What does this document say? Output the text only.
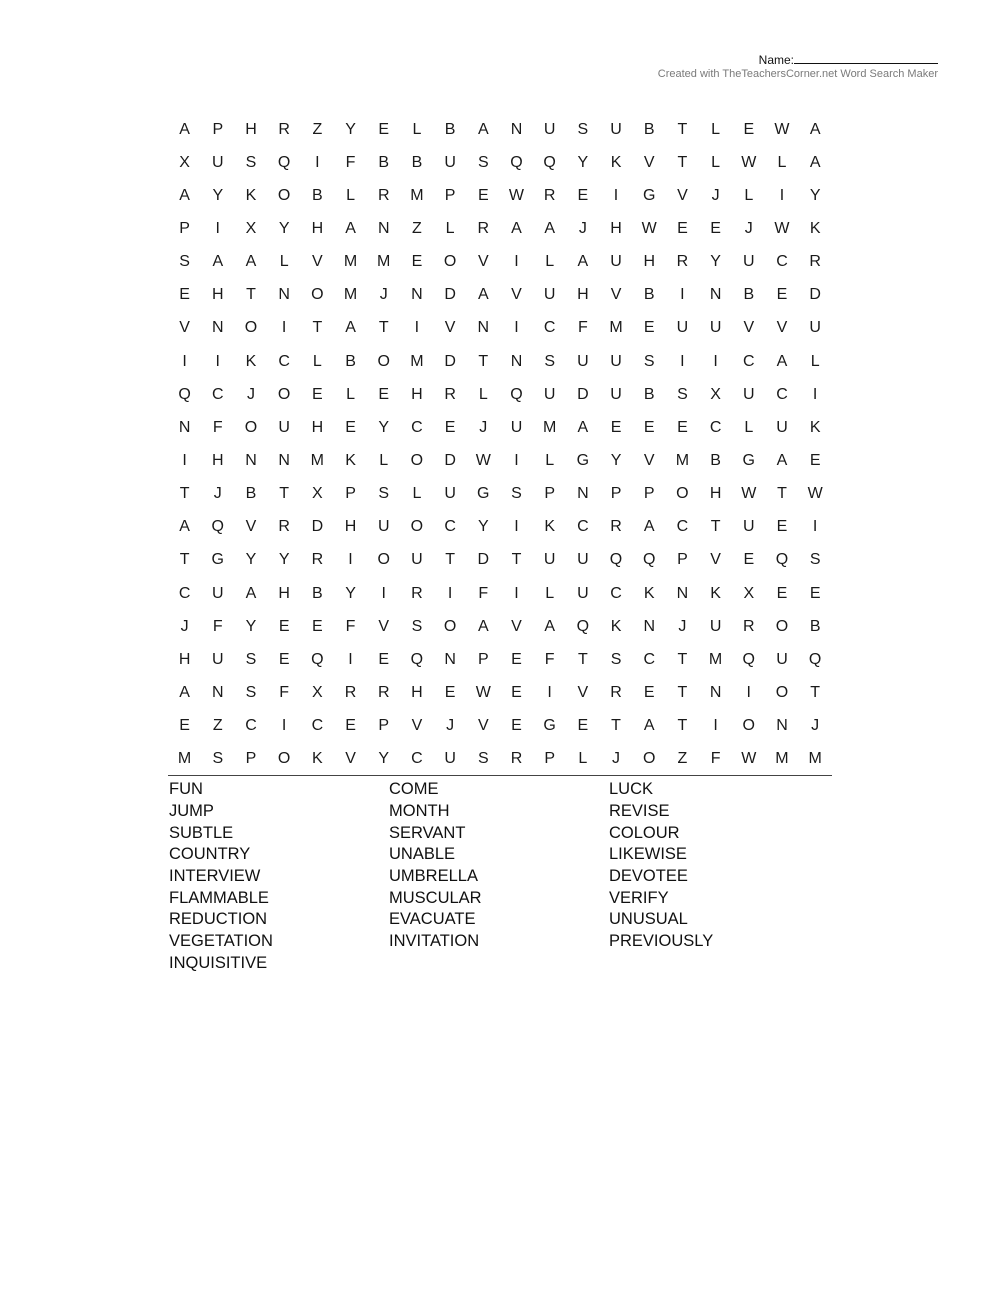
Name:
Created with TheTeachersCorner.net Word Search Maker
A	P	H	R	Z	Y	E	L	B	A	N	U	S	U	B	T	L	E	W	A
X	U	S	Q	I	F	B	B	U	S	Q	Q	Y	K	V	T	L	W	L	A
A	Y	K	O	B	L	R	M	P	E	W	R	E	I	G	V	J	L	I	Y
P	I	X	Y	H	A	N	Z	L	R	A	A	J	H	W	E	E	J	W	K
S	A	A	L	V	M	M	E	O	V	I	L	A	U	H	R	Y	U	C	R
E	H	T	N	O	M	J	N	D	A	V	U	H	V	B	I	N	B	E	D
V	N	O	I	T	A	T	I	V	N	I	C	F	M	E	U	U	V	V	U
I	I	K	C	L	B	O	M	D	T	N	S	U	U	S	I	I	C	A	L
Q	C	J	O	E	L	E	H	R	L	Q	U	D	U	B	S	X	U	C	I
N	F	O	U	H	E	Y	C	E	J	U	M	A	E	E	E	C	L	U	K
I	H	N	N	M	K	L	O	D	W	I	L	G	Y	V	M	B	G	A	E
T	J	B	T	X	P	S	L	U	G	S	P	N	P	P	O	H	W	T	W
A	Q	V	R	D	H	U	O	C	Y	I	K	C	R	A	C	T	U	E	I
T	G	Y	Y	R	I	O	U	T	D	T	U	U	Q	Q	P	V	E	Q	S
C	U	A	H	B	Y	I	R	I	F	I	L	U	C	K	N	K	X	E	E
J	F	Y	E	E	F	V	S	O	A	V	A	Q	K	N	J	U	R	O	B
H	U	S	E	Q	I	E	Q	N	P	E	F	T	S	C	T	M	Q	U	Q
A	N	S	F	X	R	R	H	E	W	E	I	V	R	E	T	N	I	O	T
E	Z	C	I	C	E	P	V	J	V	E	G	E	T	A	T	I	O	N	J
M	S	P	O	K	V	Y	C	U	S	R	P	L	J	O	Z	F	W	M	M
FUN	COME	LUCK
JUMP	MONTH	REVISE
SUBTLE	SERVANT	COLOUR
COUNTRY	UNABLE	LIKEWISE
INTERVIEW	UMBRELLA	DEVOTEE
FLAMMABLE	MUSCULAR	VERIFY
REDUCTION	EVACUATE	UNUSUAL
VEGETATION	INVITATION	PREVIOUSLY
INQUISITIVE
